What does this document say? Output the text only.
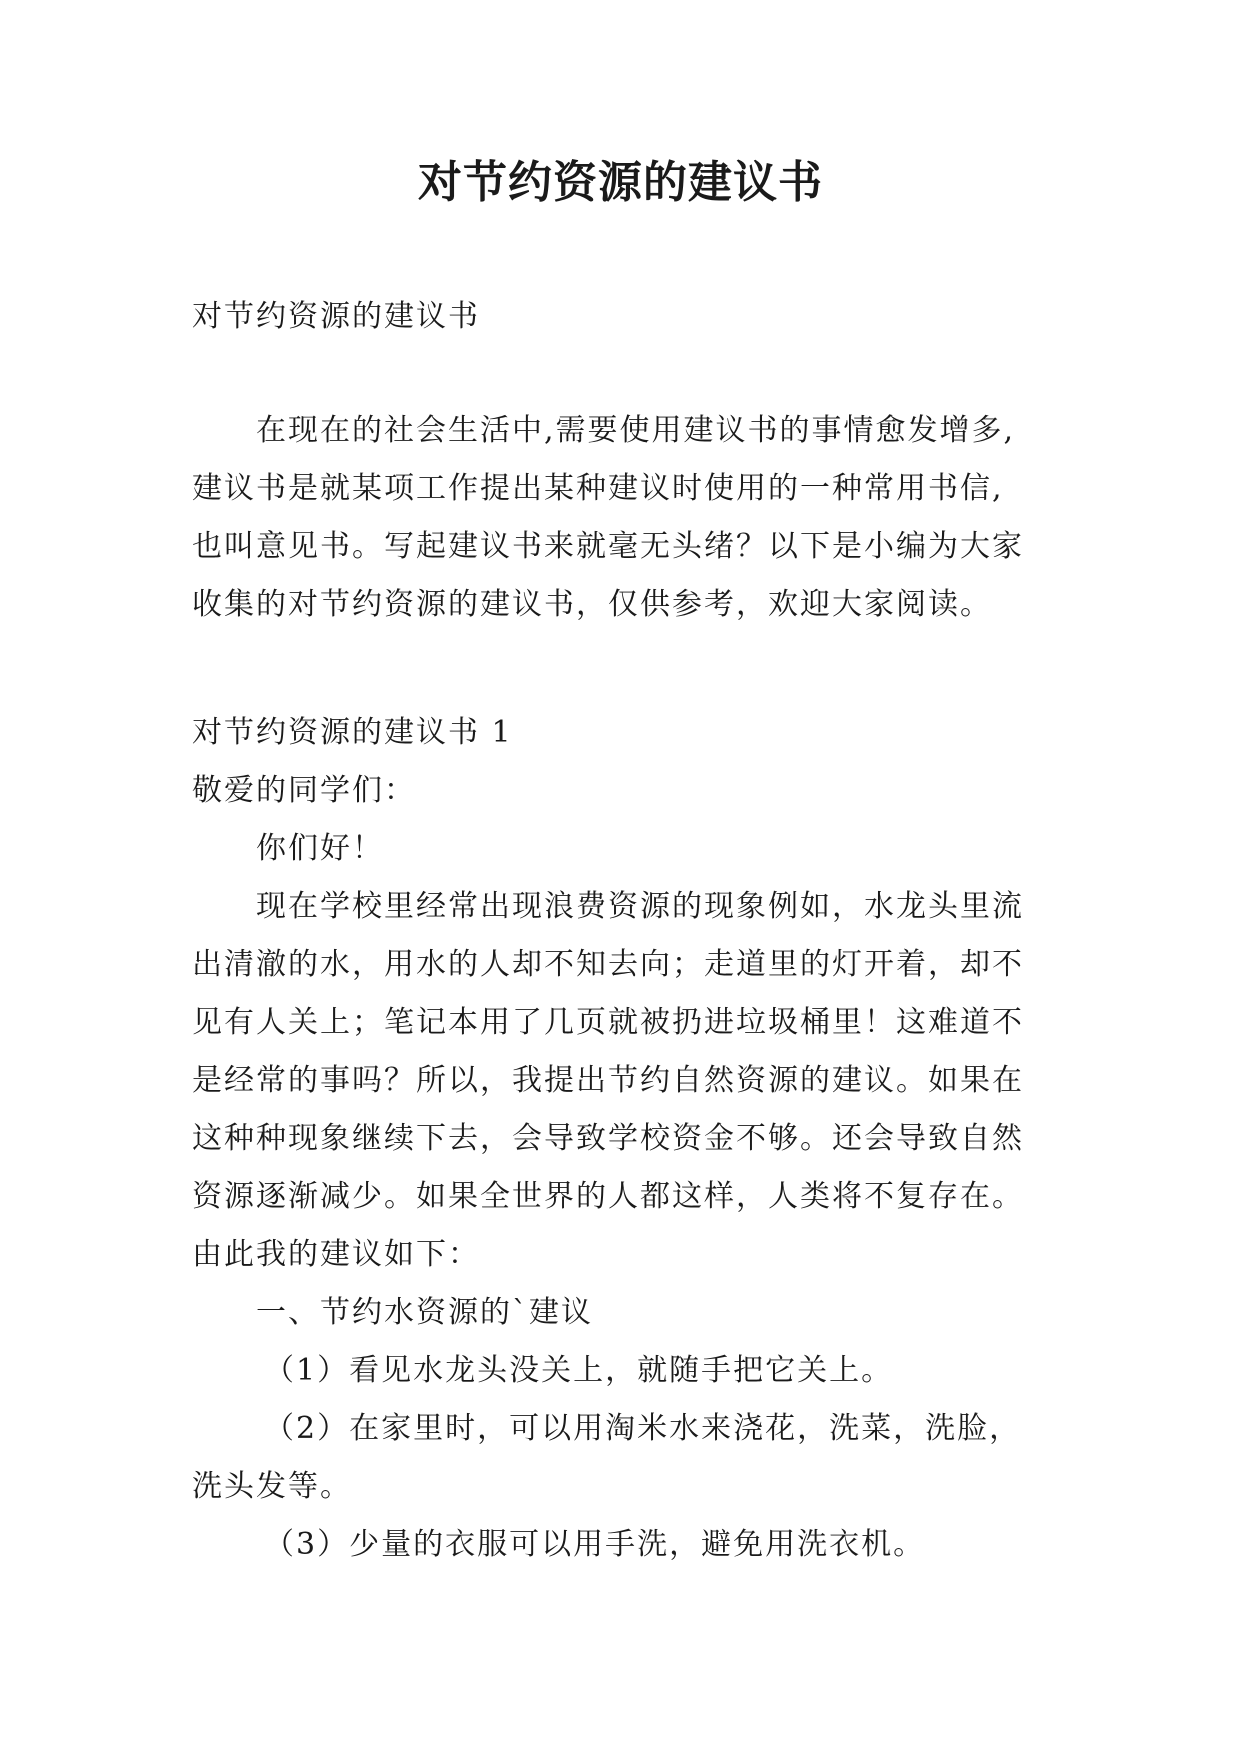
对节约资源的建议书
对节约资源的建议书
在现在的社会生活中,需要使用建议书的事情愈发增多,
建议书是就某项工作提出某种建议时使用的一种常用书信,
也叫意见书。写起建议书来就毫无头绪？以下是小编为大家
收集的对节约资源的建议书，仅供参考，欢迎大家阅读。
对节约资源的建议书 1
敬爱的同学们：
你们好！
现在学校里经常出现浪费资源的现象例如，水龙头里流
出清澈的水，用水的人却不知去向；走道里的灯开着，却不
见有人关上；笔记本用了几页就被扔进垃圾桶里！这难道不
是经常的事吗？所以，我提出节约自然资源的建议。如果在
这种种现象继续下去，会导致学校资金不够。还会导致自然
资源逐渐减少。如果全世界的人都这样，人类将不复存在。
由此我的建议如下：
一、节约水资源的`建议
（1）看见水龙头没关上，就随手把它关上。
（2）在家里时，可以用淘米水来浇花，洗菜，洗脸，
洗头发等。
（3）少量的衣服可以用手洗，避免用洗衣机。
